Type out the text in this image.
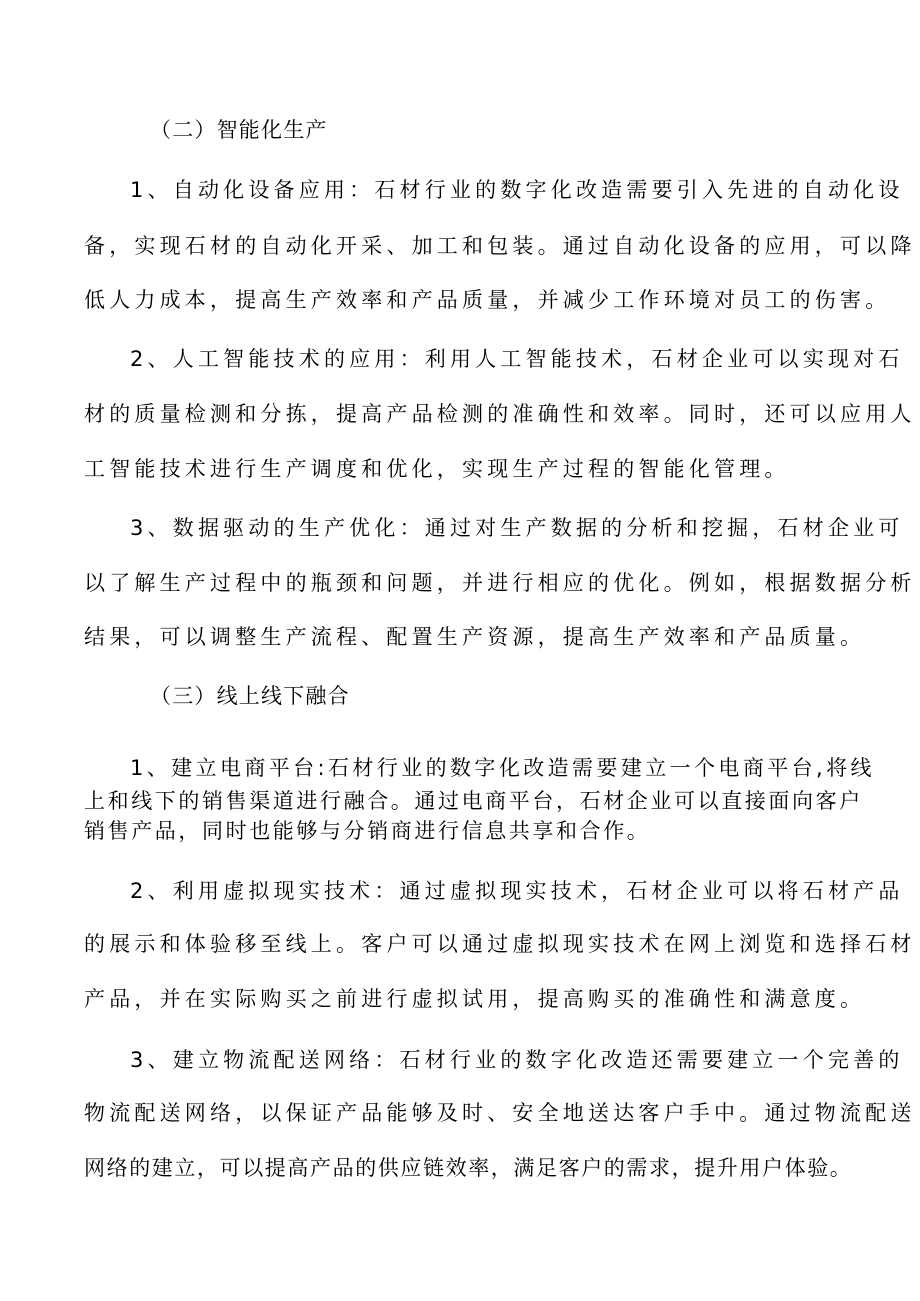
（二）智能化生产
1、自动化设备应用：石材行业的数字化改造需要引入先进的自动化设
备，实现石材的自动化开采、加工和包装。通过自动化设备的应用，可以降
低人力成本，提高生产效率和产品质量，并减少工作环境对员工的伤害。
2、人工智能技术的应用：利用人工智能技术，石材企业可以实现对石
材的质量检测和分拣，提高产品检测的准确性和效率。同时，还可以应用人
工智能技术进行生产调度和优化，实现生产过程的智能化管理。
3、数据驱动的生产优化：通过对生产数据的分析和挖掘，石材企业可
以了解生产过程中的瓶颈和问题，并进行相应的优化。例如，根据数据分析
结果，可以调整生产流程、配置生产资源，提高生产效率和产品质量。
（三）线上线下融合
1、建立电商平台:石材行业的数字化改造需要建立一个电商平台,将线
上和线下的销售渠道进行融合。通过电商平台，石材企业可以直接面向客户
销售产品，同时也能够与分销商进行信息共享和合作。
2、利用虚拟现实技术：通过虚拟现实技术，石材企业可以将石材产品
的展示和体验移至线上。客户可以通过虚拟现实技术在网上浏览和选择石材
产品，并在实际购买之前进行虚拟试用，提高购买的准确性和满意度。
3、建立物流配送网络：石材行业的数字化改造还需要建立一个完善的
物流配送网络，以保证产品能够及时、安全地送达客户手中。通过物流配送
网络的建立，可以提高产品的供应链效率，满足客户的需求，提升用户体验。
